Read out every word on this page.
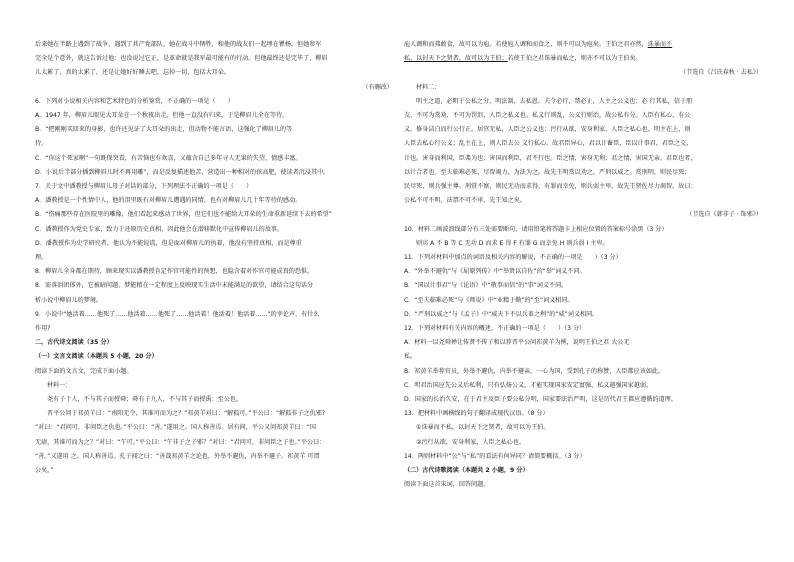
后来她在半路上遇到了战争，遇到了共产党部队，她在战斗中牺牲，和他的战友们一起埋在瞿杨。但她参军
完全是个意外，就这告诉过他：也没说过它正，是革命就是我军最可能有的行动。但他最终还是完毕了，柳眉
儿太累了，真的太累了，还是让她好好睡去吧，忘掉一切，包括大耳朵。
（有删改）
6．下列对小说相关内容和艺术特色的分析鉴赏，不正确的一项是（　　）
A．1947 年，柳眉儿眼见大耳朵在一个秋夜出走，但他一直没有归来，于是柳眉儿全在等待。
B．“把刚刚买回来的身影，也许还见证了大耳朵的出走，但动物不能言语，这强化了柳眉儿的等
待。
C．“你这个死家啊”一句既保突看，有苦恼也有欢喜，又蕴含自己多年寻人无果的失望，情感丰富。
D．小说后半部分插到柳眉儿时不再用雕”，而是反复描述他苦，营造出一种相对的孩高肥，使读者沉浸其中。
7．关于文中潘教授与柳眉儿母子对话的部分，下列理法不正确的一项是（　　）
A．潘教授是一个性情中人，他的泪里既有对柳眉儿遭遇的同情，也有对柳眉儿几十年等待的感动。
B．“伤痛那些存在医院里的雕像，他们看起来感动了世界，但它们也不能给大耳朵的生命重新延续下去的希望”
C．潘教授作为党史专家，致力于还原历史真相，因此他会在潜移默化中宣传柳眉儿的故事。
D．潘教授作为史学研究者，他认为不能说谎，但是面对柳眉儿的执着，他没有坚持真相，而是尊重
理。
8．柳眉儿全身都在期待，顾来现实以潘教授肯定作官可能性的预想，也隐含着对作官可能成真的恐惧。
8．需落泪团体外，它被暗问题，梦能精在一定程度上反映现实生活中未能满足的欲望，请结合这句话分
析小说中柳眉儿的梦境。
9．小说中“她活着……他死了……他活着……他死了……他活着！他活着！他活着……”的孪论声，有什么
作用?
二、古代诗文阅读（35 分）
（一）文言文阅读（本题共 5 小题，20 分）
阅读下面的文言文，完成下面小题。
材料一：
尧有子十人，不与其子而授舜；舜有子九人，不与其子而授禹：至公也。
晋平公问于祁黄羊曰：“南阳无令，其谁可而为之？”祁黄羊对曰：“解狐可。”平公曰：“解狐非子之仇邪?
”对曰：“君问可，非问臣之仇也。”平公曰：“善。”遂用之。国人称善焉。居有间，平公又问祁黄羊曰：“国
无尉，其谁可而为之？”对曰：“午可。”平公曰：“午非子之子邪？”对曰：“君问可，非问臣之子也。”平公曰：
“善。”又遂用 之。国人称善焉。孔子闻之曰：“善哉祁黄羊之论也，外举不避仇，内举不避子。祁黄羊 可谓
公矣。”
庖人调和而弗敢食，故可以为庖。若使庖人调和而食之，则不可以为庖矣。王伯之君亦然，诛暴而不
私，以封天下之贤者，故可以为王伯；若使王伯之君诛暴而私之，则亦不可以为王伯矣。
（节选自《吕氏春秋 · 去私》）
材料二：
明主之道，必明于公私之分，明法制，去私恩。夫令必行，禁必止，人主之公义也；必 行其私，信于朋
友，不可为赏劝，不可为罚沮，人臣之私义也。私义行则乱，公义行则治，故公私有分。人臣有私心，有公
义。修身洁白而行公行正，居官无私，人臣之公义也；污行从欲，安身利家，人臣之私心也。明主在上，则
人臣去私心行公义；乱主在上，则人臣去公 义行私心。故君臣异心，君以计畜臣，臣以计事君，君臣之交，
计也。害身而利国，臣弗为也；害国而利臣，君不行也。臣之情，害身无利；君之情，害国无亲。君臣也者，
以计合者也。至夫临难必死，尽智竭力，为法为之。故先王明赏以劝之，严刑以威之。赏刑明，则民尽死；
民尽死，则兵强主尊。刑赏不察，则民无功而求得，有罪而幸免，则兵弱主卑。故先王贤佐尽力竭智。故曰：
公私不可不明，法禁不可不审，先王知之矣。
（节选自《韩非子 · 饰邪》）
10．材料二画波浪线部分有三处需要断句，请用铅笔将答题卡上相应位置的答案标号涂黑（3 分）
则宾 A 不 B 等 C 无功 D 而求 E 得 F 有罪 G 而幸免 H 则兵弱 I 主卑。
11．下列对材料中加点的词语及相关内容的解说，不正确的一项是　　）（3 分）
A．“外举不避仇”与《屈原列传》中“举贤以自佐”的“举”词义不同。
B．“国以计事君”与《论语》中“敬事而信”的“事”词义不同。
C．“至夫临难必死”与《师说》中“业精于勤”的“至”词义相同。
D．“严刑以威之”与《孟子》中“威天下不以兵革之利”的“威”词义相同。
12．下列对材料有关内容的概述，不正确的一项是（　　）（3 分）
A．材料一以尧舜禅让传贤不传子和以荐晋平公问祁黄羊为例，说明王伯之君 大公无
私。
B．祁黄羊举荐官员，外举不避仇，内举不避亲，一心为国，受到孔子的称赞，人臣都应该如此。
C．明君治国应先公义后私利，只有弘扬公义，才能实现国家安定富强，私义越强国家越弱。
D．国家的长治久安，在于君主及臣子要公私分明，国家要法治严明，这是历代君王都应遵循的道理。
13．把材料中画横线的句子翻译成现代汉语。（8 分）
①诛暴而不私，以封天下之贤者，故可以为王伯。
②污行从欲，安身利家，人臣之私心也。
14．两则材料中“公”与“私”的看法有何异同？请简要概括。（3 分）
（二）古代诗歌阅读（本题共 2 小题，9 分）
阅读下面这首宋词，回答问题。
